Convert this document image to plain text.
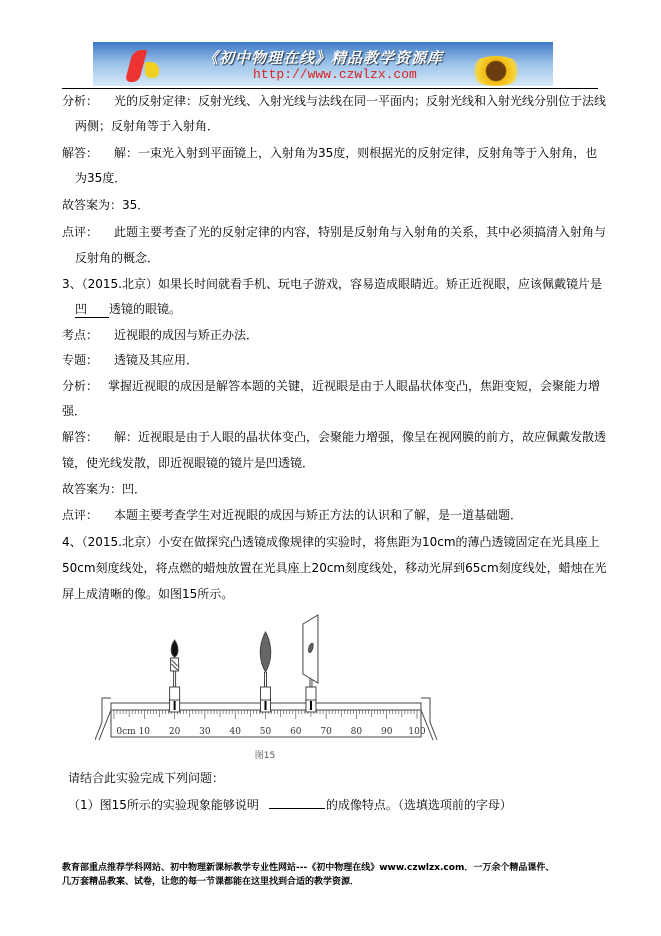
《初中物理在线》精品教学资源库
http://www.czwlzx.com
分析： 光的反射定律：反射光线、入射光线与法线在同一平面内；反射光线和入射光线分别位于法线
两侧；反射角等于入射角．
解答： 解：一束光入射到平面镜上，入射角为35度，则根据光的反射定律，反射角等于入射角，也
为35度．
故答案为：35．
点评： 此题主要考查了光的反射定律的内容，特别是反射角与入射角的关系，其中必须搞清入射角与
反射角的概念．
3、（2015.北京）如果长时间就看手机、玩电子游戏，容易造成眼睛近。矫正近视眼，应该佩戴镜片是
凹 透镜的眼镜。
考点： 近视眼的成因与矫正办法．
专题： 透镜及其应用．
分析： 掌握近视眼的成因是解答本题的关键，近视眼是由于人眼晶状体变凸，焦距变短，会聚能力增
强．
解答： 解：近视眼是由于人眼的晶状体变凸，会聚能力增强，像呈在视网膜的前方，故应佩戴发散透
镜，使光线发散，即近视眼镜的镜片是凹透镜．
故答案为：凹．
点评： 本题主要考查学生对近视眼的成因与矫正方法的认识和了解，是一道基础题．
4、（2015.北京）小安在做探究凸透镜成像规律的实验时，将焦距为10cm的薄凸透镜固定在光具座上
50cm刻度线处，将点燃的蜡烛放置在光具座上20cm刻度线处，移动光屏到65cm刻度线处，蜡烛在光
屏上成清晰的像。如图15所示。
0cm 10 20 30 40 50 60 70 80 90 100
图15
请结合此实验完成下列问题：
（1）图15所示的实验现象能够说明	的成像特点。（选填选项前的字母）
教育部重点推荐学科网站、初中物理新课标教学专业性网站---《初中物理在线》www.czwlzx.com．一万余个精品课件、
几万套精品教案、试卷，让您的每一节课都能在这里找到合适的教学资源．
